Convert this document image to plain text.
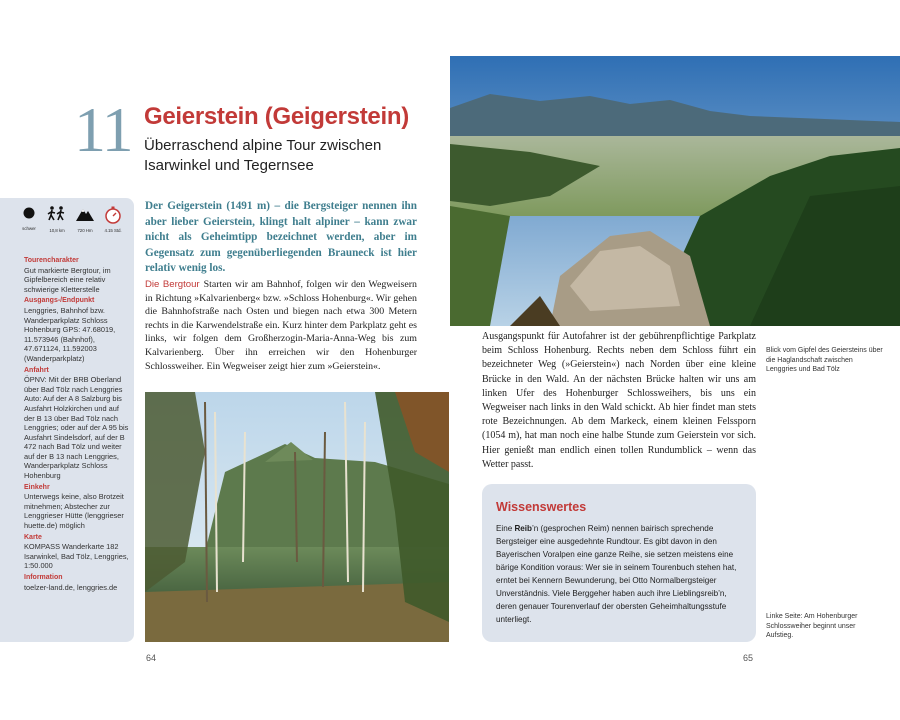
11 Geierstein (Geigerstein)
Überraschend alpine Tour zwischen Isarwinkel und Tegernsee
schwer	10,8 km	720 Hm	4.15 Std.
Tourencharakter
Gut markierte Bergtour, im Gipfelbereich eine relativ schwierige Kletterstelle
Ausgangs-/Endpunkt
Lenggries, Bahnhof bzw. Wanderparkplatz Schloss Hohenburg GPS: 47.68019, 11.573946 (Bahnhof), 47.671124, 11.592003 (Wanderparkplatz)
Anfahrt
ÖPNV: Mit der BRB Oberland über Bad Tölz nach Lenggries Auto: Auf der A 8 Salzburg bis Ausfahrt Holzkirchen und auf der B 13 über Bad Tölz nach Lenggries; oder auf der A 95 bis Ausfahrt Sindelsdorf, auf der B 472 nach Bad Tölz und weiter auf der B 13 nach Lenggries, Wanderparkplatz Schloss Hohenburg
Einkehr
Unterwegs keine, also Brotzeit mitnehmen; Abstecher zur Lenggrieser Hütte (lenggrieser huette.de) möglich
Karte
KOMPASS Wanderkarte 182 Isarwinkel, Bad Tölz, Lenggries, 1:50.000
Information
toelzer-land.de, lenggries.de
Der Geigerstein (1491 m) – die Bergsteiger nennen ihn aber lieber Geierstein, klingt halt alpiner – kann zwar nicht als Geheimtipp bezeichnet werden, aber im Gegensatz zum gegenüberliegenden Brauneck ist hier relativ wenig los.
Die Bergtour Starten wir am Bahnhof, folgen wir den Wegweisern in Richtung »Kalvarienberg« bzw. »Schloss Hohenburg«. Wir gehen die Bahnhofstraße nach Osten und biegen nach etwa 300 Metern rechts in die Karwendelstraße ein. Kurz hinter dem Parkplatz geht es links, wir folgen dem Großherzogin-Maria-Anna-Weg bis zum Kalvarienberg. Über ihn erreichen wir den Hohenburger Schlossweiher. Ein Wegweiser zeigt hier zum »Geierstein«.
Ausgangspunkt für Autofahrer ist der gebührenpflichtige Parkplatz beim Schloss Hohenburg. Rechts neben dem Schloss führt ein bezeichneter Weg (»Geierstein«) nach Norden über eine kleine Brücke in den Wald. An der nächsten Brücke halten wir uns am linken Ufer des Hohenburger Schlossweihers, bis uns ein Wegweiser nach links in den Wald schickt. Ab hier findet man stets rote Bezeichnungen. Ab dem Markeck, einem kleinen Felssporn (1054 m), hat man noch eine halbe Stunde zum Geierstein vor sich. Hier genießt man endlich einen tollen Rundumblick – wenn das Wetter passt.
Blick vom Gipfel des Geiersteins über die Haglandschaft zwischen Lenggries und Bad Tölz
Wissenswertes
Eine Reib’n (gesprochen Reim) nennen bairisch sprechende Bergsteiger eine ausgedehnte Rundtour. Es gibt davon in den Bayerischen Voralpen eine ganze Reihe, sie setzen meistens eine bärige Kondition voraus: Wer sie in seinem Tourenbuch stehen hat, erntet bei Kennern Bewunderung, bei Otto Normalbergsteiger Unverständnis. Viele Berggeher haben auch ihre Lieblingsreib’n, deren genauer Tourenverlauf der obersten Geheimhaltungsstufe unterliegt.	Linke Seite: Am Hohenburger Schlossweiher beginnt unser Aufstieg.
64	65
